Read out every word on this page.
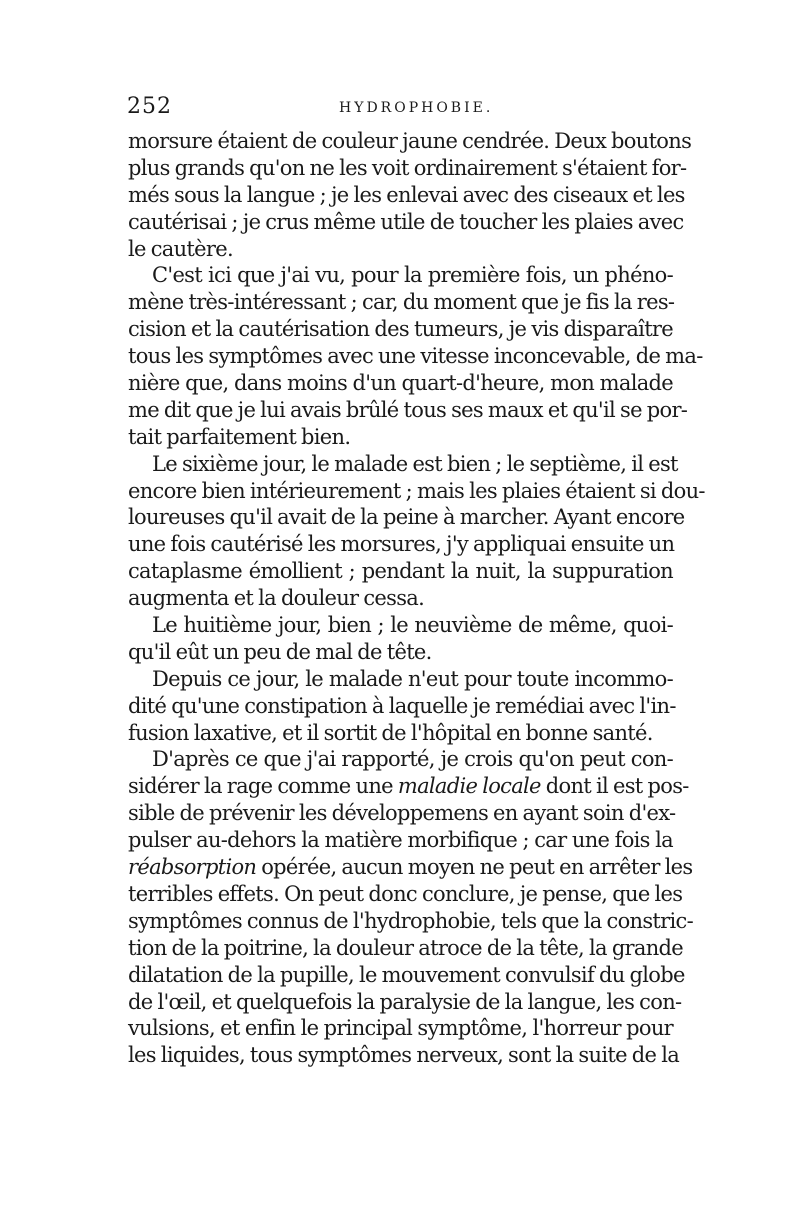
252	HYDROPHOBIE.
morsure étaient de couleur jaune cendrée. Deux boutons
plus grands qu'on ne les voit ordinairement s'étaient for-
més sous la langue ; je les enlevai avec des ciseaux et les
cautérisai ; je crus même utile de toucher les plaies avec
le cautère.
C'est ici que j'ai vu, pour la première fois, un phéno-
mène très-intéressant ; car, du moment que je fis la res-
cision et la cautérisation des tumeurs, je vis disparaître
tous les symptômes avec une vitesse inconcevable, de ma-
nière que, dans moins d'un quart-d'heure, mon malade
me dit que je lui avais brûlé tous ses maux et qu'il se por-
tait parfaitement bien.
Le sixième jour, le malade est bien ; le septième, il est
encore bien intérieurement ; mais les plaies étaient si dou-
loureuses qu'il avait de la peine à marcher. Ayant encore
une fois cautérisé les morsures, j'y appliquai ensuite un
cataplasme émollient ; pendant la nuit, la suppuration
augmenta et la douleur cessa.
Le huitième jour, bien ; le neuvième de même, quoi-
qu'il eût un peu de mal de tête.
Depuis ce jour, le malade n'eut pour toute incommo-
dité qu'une constipation à laquelle je remédiai avec l'in-
fusion laxative, et il sortit de l'hôpital en bonne santé.
D'après ce que j'ai rapporté, je crois qu'on peut con-
sidérer la rage comme une maladie locale dont il est pos-
sible de prévenir les développemens en ayant soin d'ex-
pulser au-dehors la matière morbifique ; car une fois la
réabsorption opérée, aucun moyen ne peut en arrêter les
terribles effets. On peut donc conclure, je pense, que les
symptômes connus de l'hydrophobie, tels que la constric-
tion de la poitrine, la douleur atroce de la tête, la grande
dilatation de la pupille, le mouvement convulsif du globe
de l'œil, et quelquefois la paralysie de la langue, les con-
vulsions, et enfin le principal symptôme, l'horreur pour
les liquides, tous symptômes nerveux, sont la suite de la
